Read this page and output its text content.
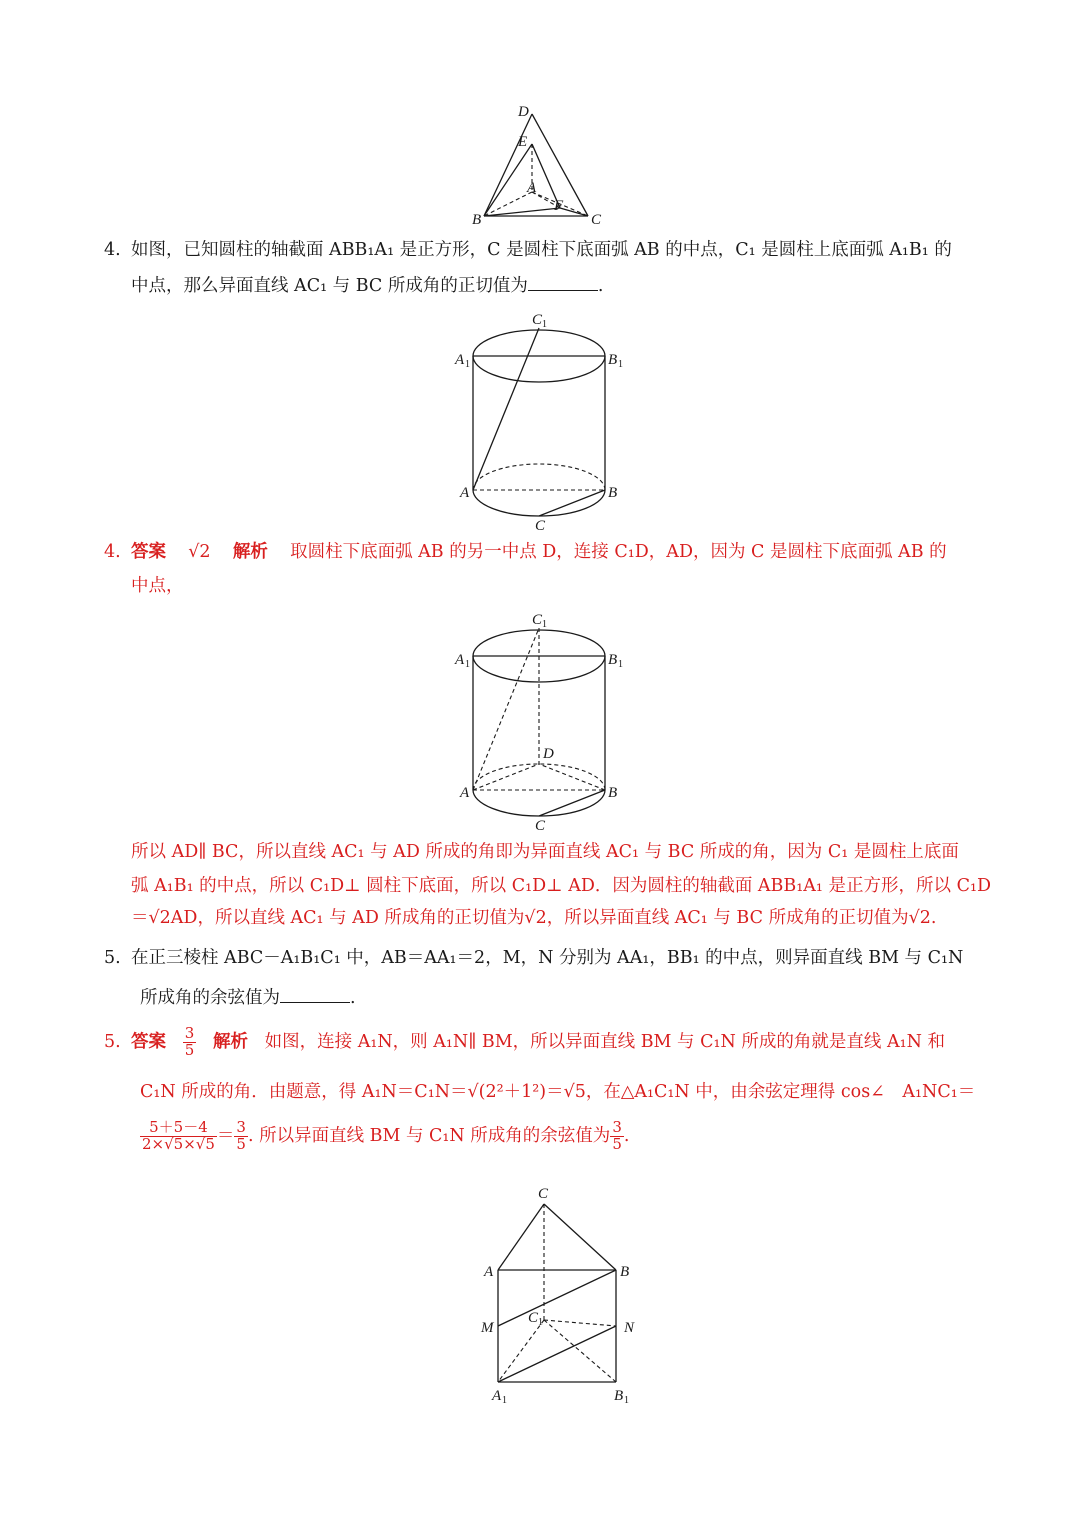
D
E
A
F
B	C
4. 如图，已知圆柱的轴截面 ABB₁A₁ 是正方形，C 是圆柱下底面弧 AB 的中点，C₁ 是圆柱上底面弧 A₁B₁ 的
中点，那么异面直线 AC₁ 与 BC 所成角的正切值为	.
C 1
A 1	B 1
A	B
C
4. 答案 √2 解析 取圆柱下底面弧 AB 的另一中点 D，连接 C₁D，AD，因为 C 是圆柱下底面弧 AB 的
中点，
C 1
A 1	B 1
D
A	B
C
所以 AD∥ BC，所以直线 AC₁ 与 AD 所成的角即为异面直线 AC₁ 与 BC 所成的角，因为 C₁ 是圆柱上底面
弧 A₁B₁ 的中点，所以 C₁D⊥ 圆柱下底面，所以 C₁D⊥ AD．因为圆柱的轴截面 ABB₁A₁ 是正方形，所以 C₁D
＝√2AD，所以直线 AC₁ 与 AD 所成角的正切值为√2，所以异面直线 AC₁ 与 BC 所成角的正切值为√2.
5. 在正三棱柱 ABC－A₁B₁C₁ 中，AB＝AA₁＝2，M，N 分别为 AA₁，BB₁ 的中点，则异面直线 BM 与 C₁N
所成角的余弦值为	.
5. 答案 $\frac{3}{5}$ 解析 如图，连接 A₁N，则 A₁N∥ BM，所以异面直线 BM 与 C₁N 所成的角就是直线 A₁N 和
C₁N 所成的角．由题意，得 A₁N＝C₁N＝√(2²＋1²)＝√5，在△A₁C₁N 中，由余弦定理得 cos∠　A₁NC₁＝
$\frac{5+5-4}{2\times√5\times√5} = \frac{3}{5}$ . 所以异面直线 BM 与 C₁N 所成角的余弦值为 $\frac{3}{5}$ .
C
A	B
M
C 1	N
A 1	B 1
